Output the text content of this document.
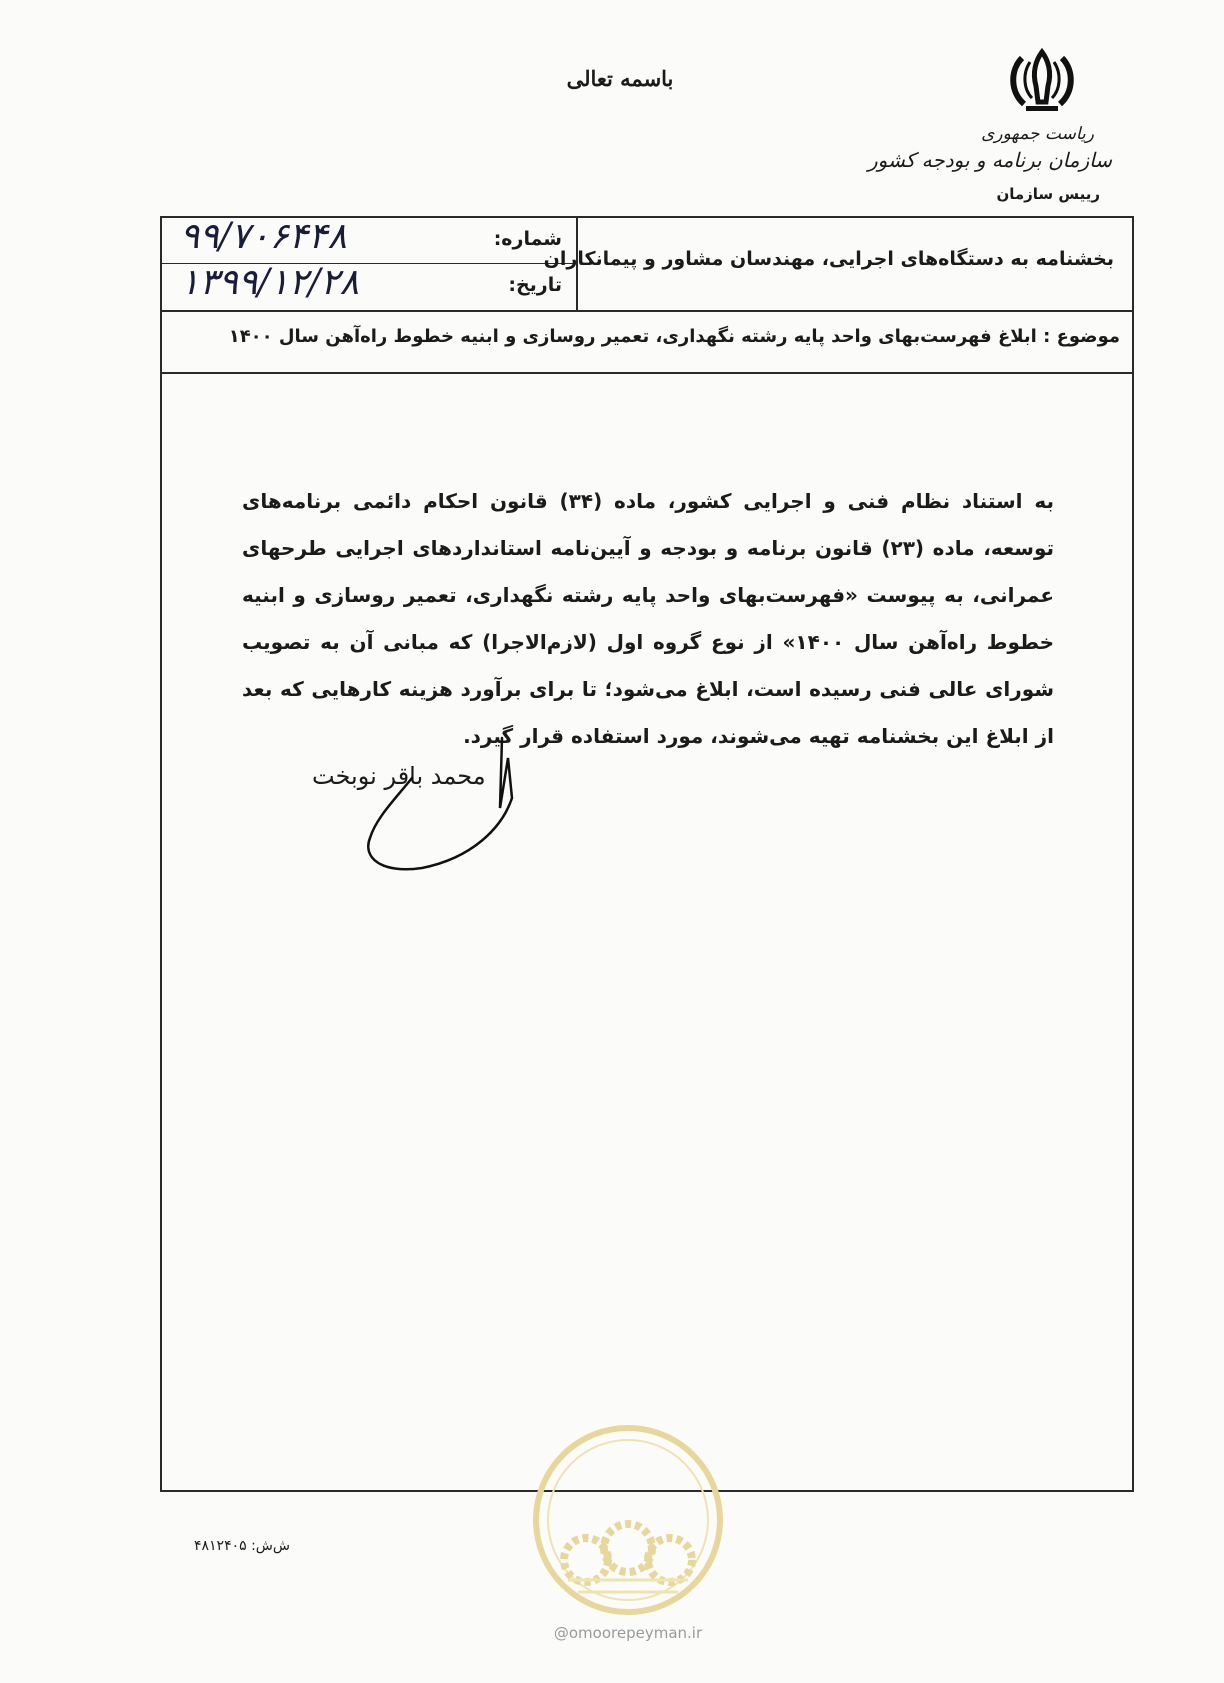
باسمه تعالی
ریاست جمهوری
سازمان برنامه و بودجه کشور
رییس سازمان
شماره:
۹۹/۷۰۶۴۴۸
تاریخ:
۱۳۹۹/۱۲/۲۸
بخشنامه به دستگاه‌های اجرایی، مهندسان مشاور و پیمانکاران
موضوع : ابلاغ فهرست‌بهای واحد پایه رشته نگهداری، تعمیر روسازی و ابنیه خطوط راه‌آهن سال ۱۴۰۰

به استناد نظام فنی و اجرایی کشور، ماده (۳۴) قانون احکام دائمی برنامه‌های توسعه، ماده (۲۳) قانون برنامه و بودجه و آیین‌نامه استانداردهای اجرایی طرحهای عمرانی، به پیوست «فهرست‌بهای واحد پایه رشته نگهداری، تعمیر روسازی و ابنیه خطوط راه‌آهن سال ۱۴۰۰» از نوع گروه اول (لازم‌الاجرا) که مبانی آن به تصویب شورای عالی فنی رسیده است، ابلاغ می‌شود؛ تا برای برآورد هزینه کارهایی که بعد از ابلاغ این بخشنامه تهیه می‌شوند، مورد استفاده قرار گیرد.

محمد باقر نوبخت
ش‌ش: ۴۸۱۲۴۰۵
@omoorepeyman.ir
